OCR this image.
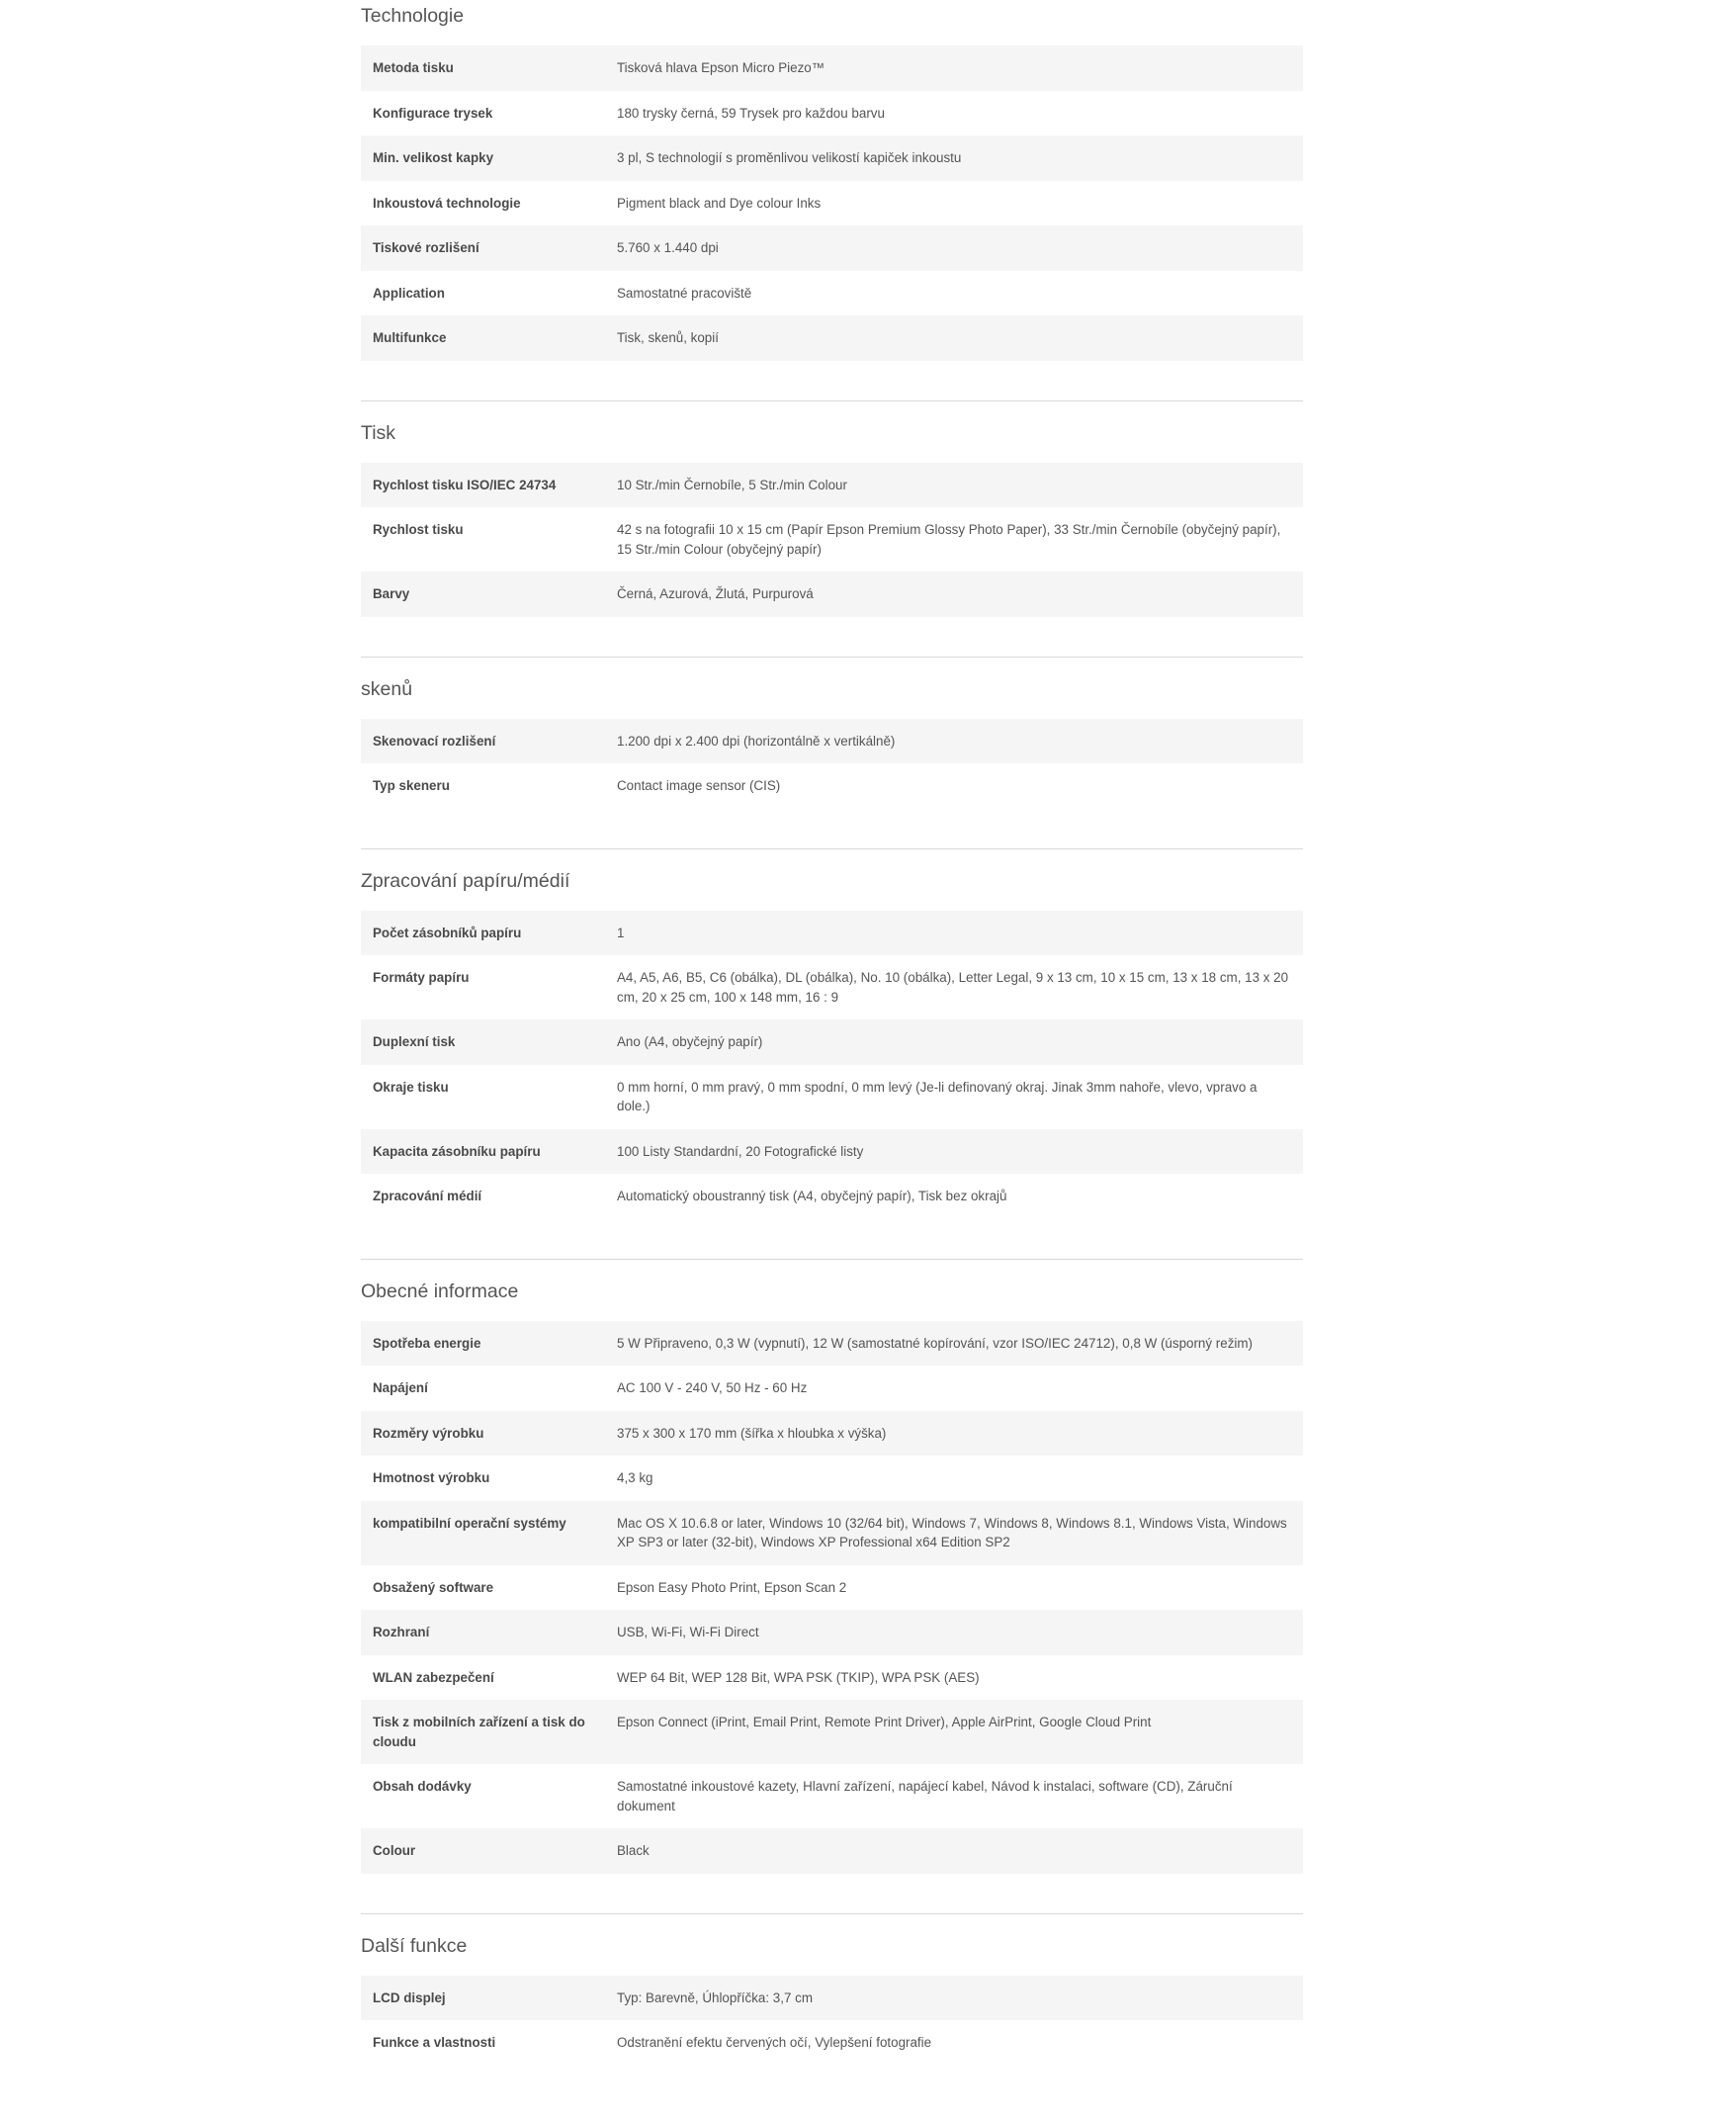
Technologie
Metoda tisku	Tisková hlava Epson Micro Piezo™
Konfigurace trysek	180 trysky černá, 59 Trysek pro každou barvu
Min. velikost kapky	3 pl, S technologií s proměnlivou velikostí kapiček inkoustu
Inkoustová technologie	Pigment black and Dye colour Inks
Tiskové rozlišení	5.760 x 1.440 dpi
Application	Samostatné pracoviště
Multifunkce	Tisk, skenů, kopií
Tisk
Rychlost tisku ISO/IEC 24734	10 Str./min Černobíle, 5 Str./min Colour
Rychlost tisku	42 s na fotografii 10 x 15 cm (Papír Epson Premium Glossy Photo Paper), 33 Str./min Černobíle (obyčejný papír), 15 Str./min Colour (obyčejný papír)
Barvy	Černá, Azurová, Žlutá, Purpurová
skenů
Skenovací rozlišení	1.200 dpi x 2.400 dpi (horizontálně x vertikálně)
Typ skeneru	Contact image sensor (CIS)
Zpracování papíru/médií
Počet zásobníků papíru	1
Formáty papíru	A4, A5, A6, B5, C6 (obálka), DL (obálka), No. 10 (obálka), Letter Legal, 9 x 13 cm, 10 x 15 cm, 13 x 18 cm, 13 x 20 cm, 20 x 25 cm, 100 x 148 mm, 16 : 9
Duplexní tisk	Ano (A4, obyčejný papír)
Okraje tisku	0 mm horní, 0 mm pravý, 0 mm spodní, 0 mm levý (Je-li definovaný okraj. Jinak 3mm nahoře, vlevo, vpravo a dole.)
Kapacita zásobníku papíru	100 Listy Standardní, 20 Fotografické listy
Zpracování médií	Automatický oboustranný tisk (A4, obyčejný papír), Tisk bez okrajů
Obecné informace
Spotřeba energie	5 W Připraveno, 0,3 W (vypnutí), 12 W (samostatné kopírování, vzor ISO/IEC 24712), 0,8 W (úsporný režim)
Napájení	AC 100 V - 240 V, 50 Hz - 60 Hz
Rozměry výrobku	375 x 300 x 170 mm (šířka x hloubka x výška)
Hmotnost výrobku	4,3 kg
kompatibilní operační systémy	Mac OS X 10.6.8 or later, Windows 10 (32/64 bit), Windows 7, Windows 8, Windows 8.1, Windows Vista, Windows XP SP3 or later (32-bit), Windows XP Professional x64 Edition SP2
Obsažený software	Epson Easy Photo Print, Epson Scan 2
Rozhraní	USB, Wi-Fi, Wi-Fi Direct
WLAN zabezpečení	WEP 64 Bit, WEP 128 Bit, WPA PSK (TKIP), WPA PSK (AES)
Tisk z mobilních zařízení a tisk do cloudu	Epson Connect (iPrint, Email Print, Remote Print Driver), Apple AirPrint, Google Cloud Print
Obsah dodávky	Samostatné inkoustové kazety, Hlavní zařízení, napájecí kabel, Návod k instalaci, software (CD), Záruční dokument
Colour	Black
Další funkce
LCD displej	Typ: Barevně, Úhlopříčka: 3,7 cm
Funkce a vlastnosti	Odstranění efektu červených očí, Vylepšení fotografie
